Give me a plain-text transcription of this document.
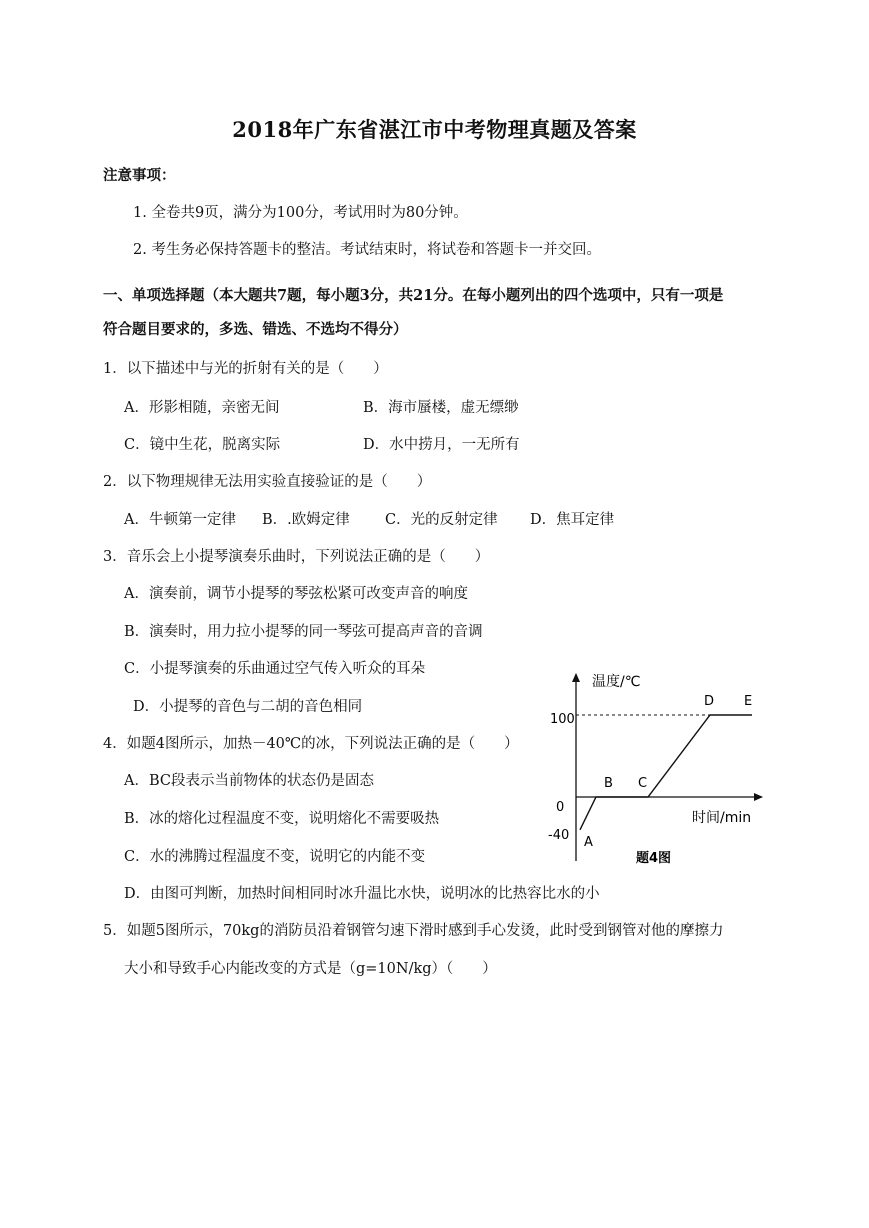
2018年广东省湛江市中考物理真题及答案
注意事项：
1. 全卷共9页，满分为100分，考试用时为80分钟。
2. 考生务必保持答题卡的整洁。考试结束时，将试卷和答题卡一并交回。
一、单项选择题（本大题共7题，每小题3分，共21分。在每小题列出的四个选项中，只有一项是
符合题目要求的，多选、错选、不选均不得分）
1．以下描述中与光的折射有关的是（　　）
A．形影相随，亲密无间	B．海市蜃楼，虚无缥缈
C．镜中生花，脱离实际	D．水中捞月，一无所有
2．以下物理规律无法用实验直接验证的是（　　）
A．牛顿第一定律 B．.欧姆定律 C．光的反射定律 D．焦耳定律
3．音乐会上小提琴演奏乐曲时，下列说法正确的是（　　）
A．演奏前，调节小提琴的琴弦松紧可改变声音的响度
B．演奏时，用力拉小提琴的同一琴弦可提高声音的音调
C．小提琴演奏的乐曲通过空气传入听众的耳朵
D．小提琴的音色与二胡的音色相同
4．如题4图所示，加热－40℃的冰，下列说法正确的是（　　）
A．BC段表示当前物体的状态仍是固态
B．冰的熔化过程温度不变，说明熔化不需要吸热
C．水的沸腾过程温度不变，说明它的内能不变
D．由图可判断，加热时间相同时冰升温比水快，说明冰的比热容比水的小
5．如题5图所示，70kg的消防员沿着钢管匀速下滑时感到手心发烫，此时受到钢管对他的摩擦力
大小和导致手心内能改变的方式是（g=10N/kg）（　　）
温度/℃
时间/min
100
0
-40 A
B C
D E
题4图
